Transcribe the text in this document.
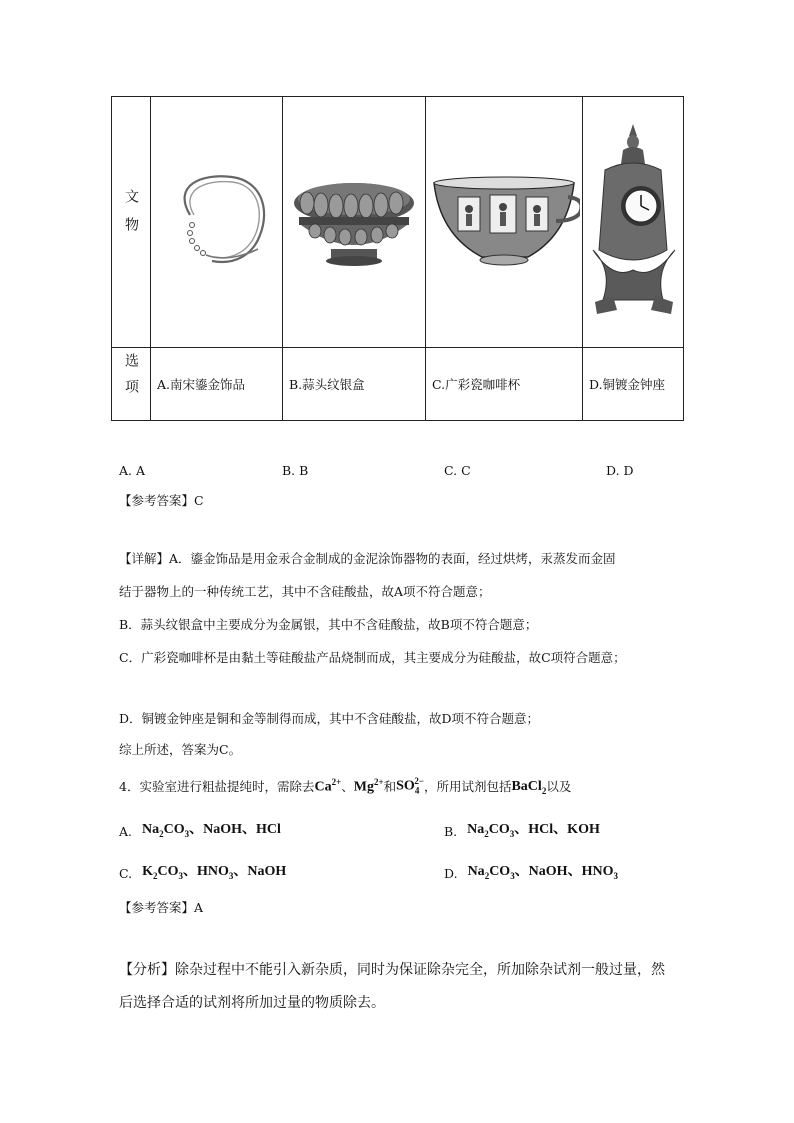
文物				
选项	A.南宋鎏金饰品	B.蒜头纹银盒	C.广彩瓷咖啡杯	D.铜镀金钟座
A. A	B. B	C. C	D. D
【参考答案】C
【详解】A．鎏金饰品是用金汞合金制成的金泥涂饰器物的表面，经过烘烤，汞蒸发而金固
结于器物上的一种传统工艺，其中不含硅酸盐，故A项不符合题意；
B．蒜头纹银盒中主要成分为金属银，其中不含硅酸盐，故B项不符合题意；
C．广彩瓷咖啡杯是由黏土等硅酸盐产品烧制而成，其主要成分为硅酸盐，故C项符合题意；
D．铜镀金钟座是铜和金等制得而成，其中不含硅酸盐，故D项不符合题意；
综上所述，答案为C。
4．实验室进行粗盐提纯时，需除去 $Ca^{2+}$ 、 $Mg^{2+}$ 和 $SO_4^{2-}$ ，所用试剂包括 BaCl$_2$ 以及
A. $Na_2CO_3$、NaOH、HCl	B. $Na_2CO_3$、HCl、KOH
C. $K_2CO_3$、$HNO_3$、NaOH	D. $Na_2CO_3$、NaOH、$HNO_3$
【参考答案】A
【分析】除杂过程中不能引入新杂质，同时为保证除杂完全，所加除杂试剂一般过量，然
后选择合适的试剂将所加过量的物质除去。
